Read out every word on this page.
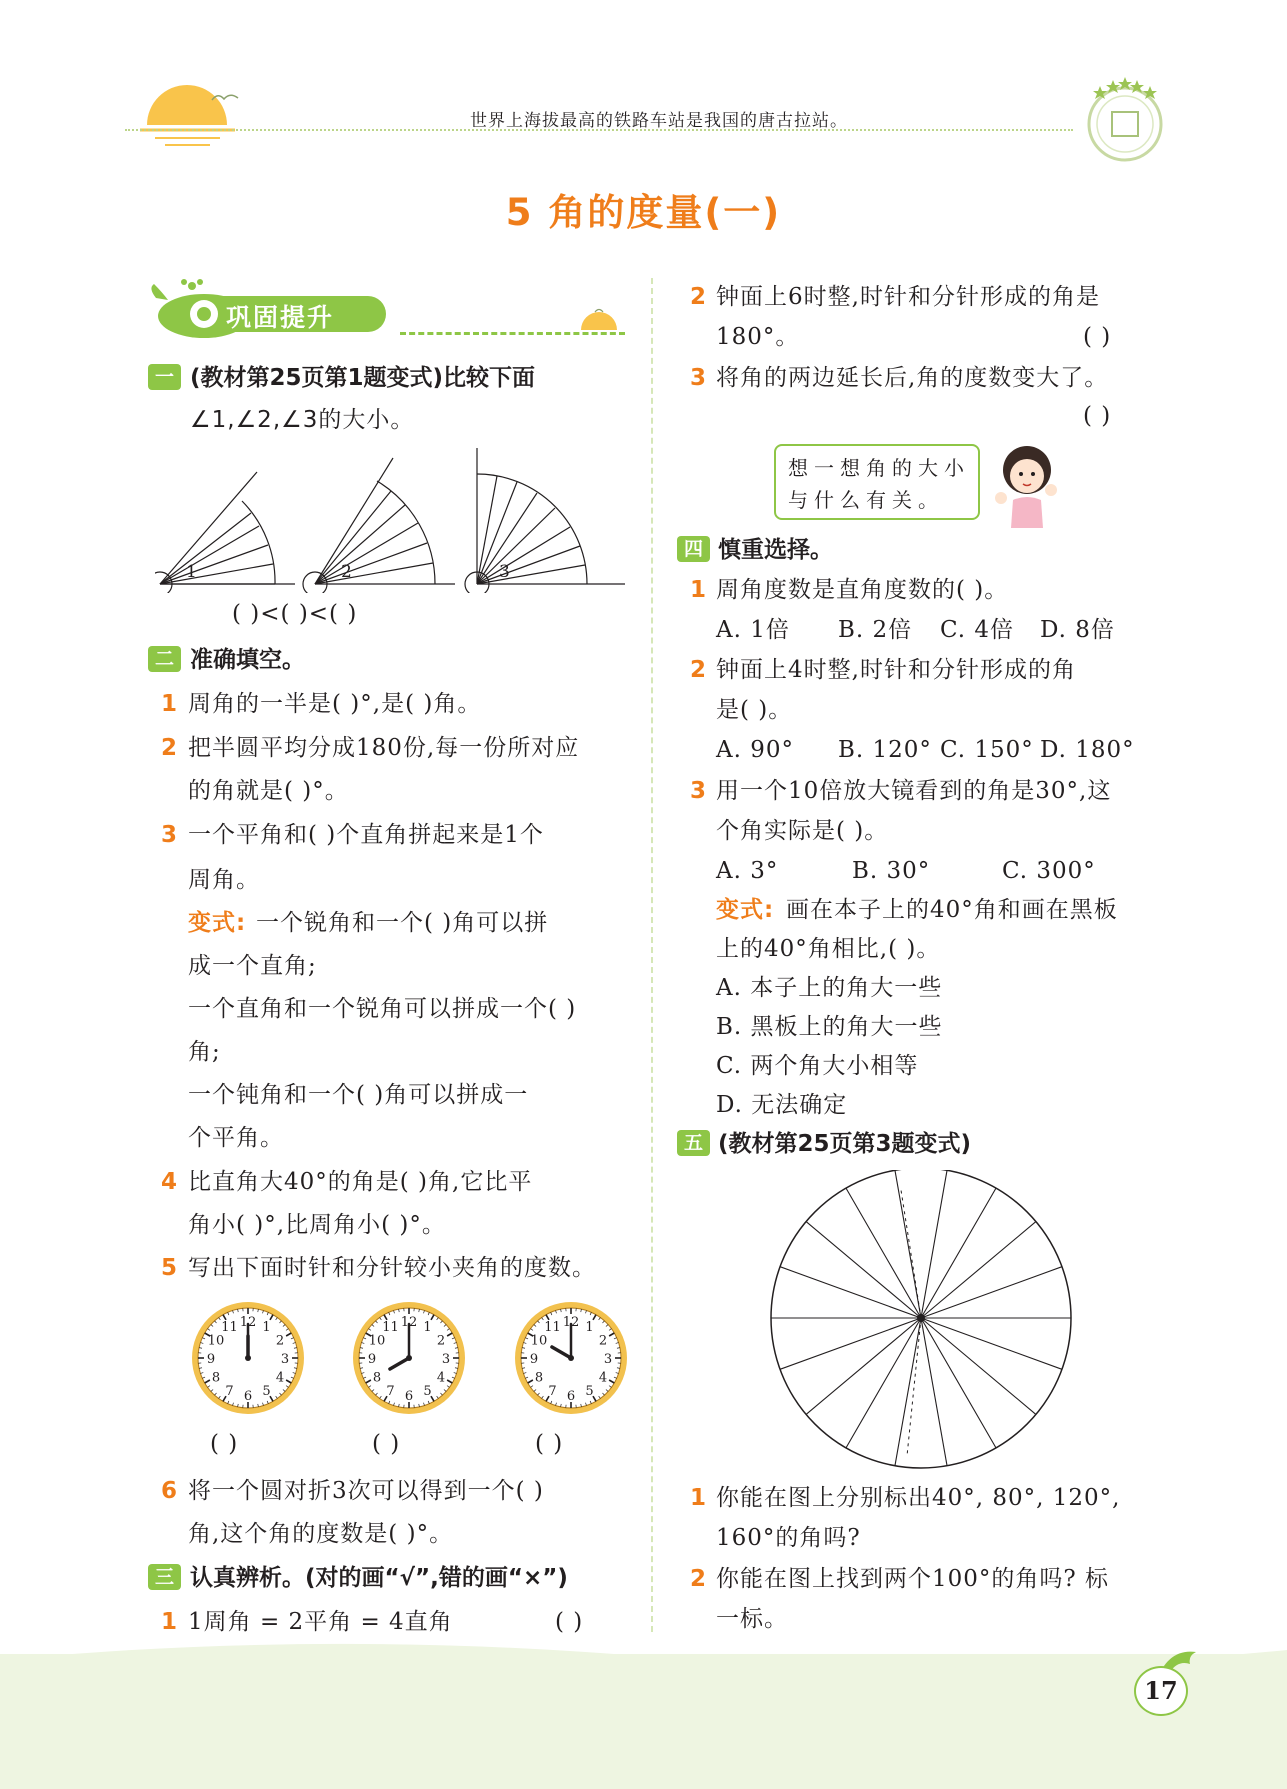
世界上海拔最高的铁路车站是我国的唐古拉站。
5 角的度量(一)
巩固提升
一 (教材第25页第1题变式)比较下面
∠1,∠2,∠3的大小。
1	2	3
( )<( )<( )
二 准确填空。
1 周角的一半是( )°,是( )角。
2 把半圆平均分成180份,每一份所对应
的角就是( )°。
3 一个平角和( )个直角拼起来是1个
周角。
变式: 一个锐角和一个( )角可以拼
成一个直角;
一个直角和一个锐角可以拼成一个( )
角;
一个钝角和一个( )角可以拼成一
个平角。
4 比直角大40°的角是( )角,它比平
角小( )°,比周角小( )°。
5 写出下面时针和分针较小夹角的度数。
12 1
2
3
4
5
6
7
8
9
10
11	12 1
2
3
4
5
6
7
8
9
10
11	12 1
2
3
4
5
6
7
8
9
10
11
( )	( )	( )
6 将一个圆对折3次可以得到一个( )
角,这个角的度数是( )°。
三 认真辨析。(对的画“√”,错的画“×”)
1 1周角 = 2平角 = 4直角	( )
2 钟面上6时整,时针和分针形成的角是
180°。	( )
3 将角的两边延长后,角的度数变大了。
( )
想一想角的大小
与什么有关。
四 慎重选择。
1 周角度数是直角度数的( )。
A. 1倍 B. 2倍 C. 4倍 D. 8倍
2 钟面上4时整,时针和分针形成的角
是( )。
A. 90° B. 120° C. 150° D. 180°
3 用一个10倍放大镜看到的角是30°,这
个角实际是( )。
A. 3°	B. 30°	C. 300°
变式: 画在本子上的40°角和画在黑板
上的40°角相比,( )。
A. 本子上的角大一些
B. 黑板上的角大一些
C. 两个角大小相等
D. 无法确定
五 (教材第25页第3题变式)
1 你能在图上分别标出40°, 80°, 120°,
160°的角吗?
2 你能在图上找到两个100°的角吗? 标
一标。
17
